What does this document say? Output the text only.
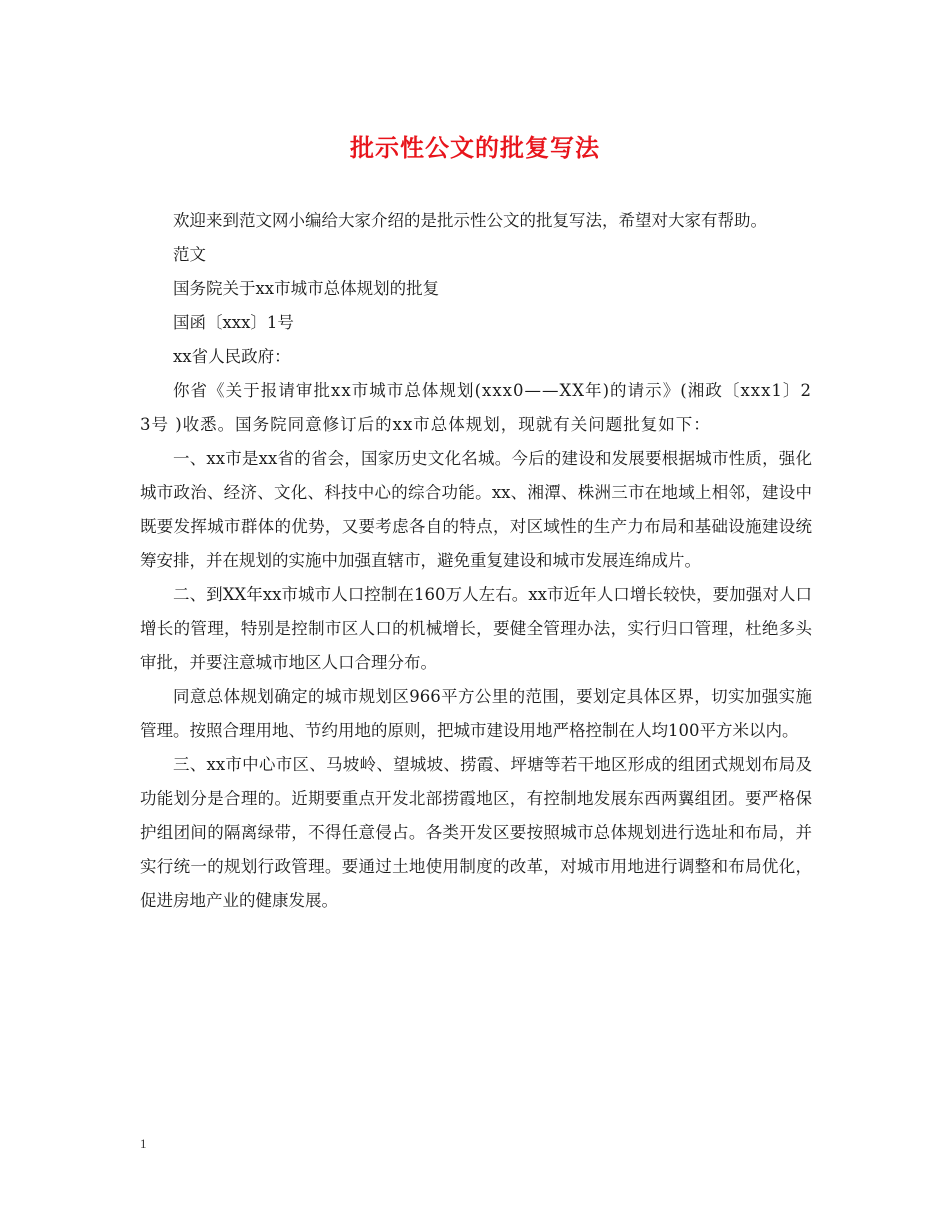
批示性公文的批复写法

欢迎来到范文网小编给大家介绍的是批示性公文的批复写法，希望对大家有帮助。

范文

国务院关于xx市城市总体规划的批复

国函〔xxx〕1号

xx省人民政府：

你省《关于报请审批xx市城市总体规划(xxx0——XX年)的请示》(湘政〔xxx1〕23号 )收悉。国务院同意修订后的xx市总体规划，现就有关问题批复如下：

一、xx市是xx省的省会，国家历史文化名城。今后的建设和发展要根据城市性质，强化城市政治、经济、文化、科技中心的综合功能。xx、湘潭、株洲三市在地域上相邻，建设中既要发挥城市群体的优势，又要考虑各自的特点，对区域性的生产力布局和基础设施建设统筹安排，并在规划的实施中加强直辖市，避免重复建设和城市发展连绵成片。

二、到XX年xx市城市人口控制在160万人左右。xx市近年人口增长较快，要加强对人口增长的管理，特别是控制市区人口的机械增长，要健全管理办法，实行归口管理，杜绝多头审批，并要注意城市地区人口合理分布。

同意总体规划确定的城市规划区966平方公里的范围，要划定具体区界，切实加强实施管理。按照合理用地、节约用地的原则，把城市建设用地严格控制在人均100平方米以内。

三、xx市中心市区、马坡岭、望城坡、捞霞、坪塘等若干地区形成的组团式规划布局及功能划分是合理的。近期要重点开发北部捞霞地区，有控制地发展东西两翼组团。要严格保护组团间的隔离绿带，不得任意侵占。各类开发区要按照城市总体规划进行选址和布局，并实行统一的规划行政管理。要通过土地使用制度的改革，对城市用地进行调整和布局优化，促进房地产业的健康发展。

1
